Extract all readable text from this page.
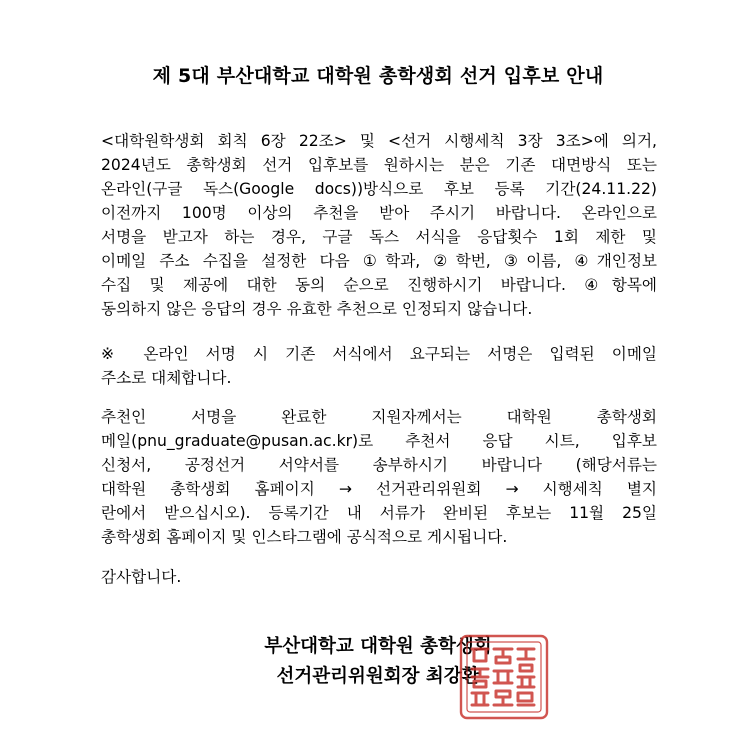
제 5대 부산대학교 대학원 총학생회 선거 입후보 안내
<대학원학생회 회칙 6장 22조> 및 <선거 시행세칙 3장 3조>에 의거,
2024년도 총학생회 선거 입후보를 원하시는 분은 기존 대면방식 또는
온라인(구글 독스(Google docs))방식으로 후보 등록 기간(24.11.22)
이전까지 100명 이상의 추천을 받아 주시기 바랍니다. 온라인으로
서명을 받고자 하는 경우, 구글 독스 서식을 응답횟수 1회 제한 및
이메일 주소 수집을 설정한 다음 ①학과, ②학번, ③이름, ④개인정보
수집 및 제공에 대한 동의 순으로 진행하시기 바랍니다. ④항목에
동의하지 않은 응답의 경우 유효한 추천으로 인정되지 않습니다.
※ 온라인 서명 시 기존 서식에서 요구되는 서명은 입력된 이메일
주소로 대체합니다.
추천인 서명을 완료한 지원자께서는 대학원 총학생회
메일(pnu_graduate@pusan.ac.kr)로 추천서 응답 시트, 입후보
신청서, 공정선거 서약서를 송부하시기 바랍니다 (해당서류는
대학원 총학생회 홈페이지 → 선거관리위원회 → 시행세칙 별지
란에서 받으십시오). 등록기간 내 서류가 완비된 후보는 11월 25일
총학생회 홈페이지 및 인스타그램에 공식적으로 게시됩니다.
감사합니다.
부산대학교 대학원 총학생회
선거관리위원회장 최강환
